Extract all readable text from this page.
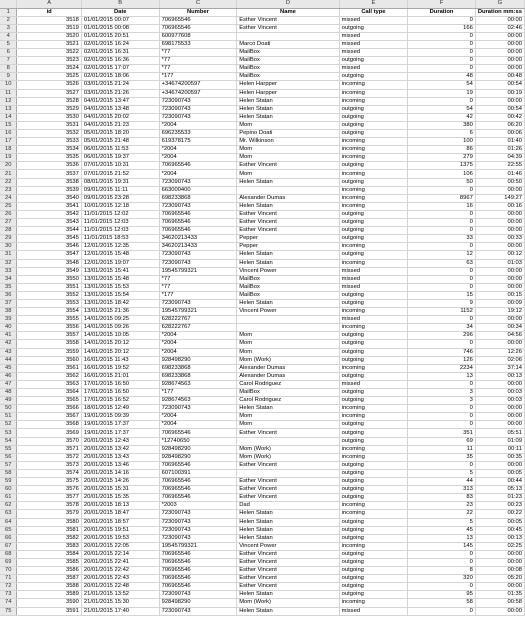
	A	B	C	D	E	F	G
1	id	Date	Number	Name	Call type	Duration	Duration mm:ss
2	3518	01/01/2015 00:07	706965546	Esther Vincent	missed	0	00:00
3	3519	01/01/2015 00:08	706965546	Esther Vincent	outgoing	166	02:46
4	3520	01/01/2015 20:51	600977608		missed	0	00:00
5	3521	02/01/2015 16:24	698175533	Marco Doati	missed	0	00:00
6	3522	02/01/2015 16:31	*77	MailBox	missed	0	00:00
7	3523	02/01/2015 16:36	*77	MailBox	outgoing	0	00:00
8	3524	02/01/2015 17:07	*77	MailBox	missed	0	00:00
9	3525	02/01/2015 18:06	*177	MailBox	outgoing	48	00:48
10	3526	03/01/2015 21:24	+34674200597	Helen Harpper	incoming	54	00:54
11	3527	03/01/2015 21:26	+34674200597	Helen Harpper	incoming	19	00:19
12	3528	04/01/2015 13:47	723090743	Helen Statan	incoming	0	00:00
13	3529	04/01/2015 13:48	723090743	Helen Statan	outgoing	54	00:54
14	3530	04/01/2015 20:02	723090743	Helen Statan	outgoing	42	00:42
15	3531	04/01/2015 21:23	*2004	Mom	outgoing	380	06:20
16	3532	05/01/2015 18:20	696235533	Pepino Doati	outgoing	6	00:06
17	3533	05/01/2015 21:48	619378175	Mr. Wilkinson	incoming	100	01:40
18	3534	06/01/2015 11:53	*2004	Mom	incoming	86	01:26
19	3535	06/01/2015 19:37	*2004	Mom	incoming	279	04:39
20	3536	07/01/2015 10:31	706965546	Esther Vincent	outgoing	1375	22:55
21	3537	07/01/2015 21:52	*2004	Mom	incoming	106	01:46
22	3538	08/01/2015 19:31	723090743	Helen Statan	outgoing	50	00:50
23	3539	09/01/2015 11:11	663000400		incoming	0	00:00
24	3540	09/01/2015 23:28	698233868	Alexander Dumas	incoming	8967	149:27
25	3541	10/01/2015 12:18	723090743	Helen Statan	incoming	16	00:16
26	3542	11/01/2015 12:02	706965546	Esther Vincent	outgoing	0	00:00
27	3543	11/01/2015 12:03	706965546	Esther Vincent	outgoing	0	00:00
28	3544	11/01/2015 12:03	706965546	Esther Vincent	outgoing	0	00:00
29	3545	11/01/2015 18:53	34620213433	Pepper	outgoing	33	00:33
30	3546	12/01/2015 12:35	34620213433	Pepper	incoming	0	00:00
31	3547	12/01/2015 15:48	723090743	Helen Statan	outgoing	12	00:12
32	3548	12/01/2015 19:07	723090743	Helen Statan	incoming	63	01:03
33	3549	13/01/2015 15:41	19545799321	Vincent Power	missed	0	00:00
34	3550	13/01/2015 15:48	*77	MailBox	missed	0	00:00
35	3551	13/01/2015 15:53	*77	MailBox	missed	0	00:00
36	3552	13/01/2015 15:54	*177	MailBox	outgoing	15	00:15
37	3553	13/01/2015 18:42	723090743	Helen Statan	outgoing	9	00:09
38	3554	13/01/2015 21:36	19545799321	Vincent Power	incoming	1152	19:12
39	3555	14/01/2015 09:25	628222767		missed	0	00:00
40	3556	14/01/2015 09:26	628222767		incoming	34	00:34
41	3557	14/01/2015 10:05	*2004	Mom	outgoing	296	04:56
42	3558	14/01/2015 20:12	*2004	Mom	outgoing	0	00:00
43	3559	14/01/2015 20:12	*2004	Mom	outgoing	746	12:26
44	3560	16/01/2015 11:43	928498290	Mom (Work)	outgoing	126	02:06
45	3561	16/01/2015 19:52	698233868	Alexander Dumas	incoming	2234	37:14
46	3562	16/01/2015 21:01	698233868	Alexander Dumas	outgoing	13	00:13
47	3563	17/01/2015 16:50	928674563	Carol Rodriguez	missed	0	00:00
48	3564	17/01/2015 16:50	*177	MailBox	outgoing	3	00:03
49	3565	17/01/2015 16:52	928674563	Carol Rodriguez	outgoing	3	00:03
50	3566	18/01/2015 12:49	723090743	Helen Statan	incoming	0	00:00
51	3567	19/01/2015 09:39	*2004	Mom	incoming	0	00:00
52	3568	19/01/2015 17:37	*2004	Mom	outgoing	0	00:00
53	3569	19/01/2015 17:37	706965546	Esther Vincent	outgoing	351	05:51
54	3570	20/01/2015 12:43	*12740650		outgoing	69	01:09
55	3571	20/01/2015 13:42	928498290	Mom (Work)	incoming	11	00:11
56	3572	20/01/2015 13:43	928498290	Mom (Work)	incoming	35	00:35
57	3573	20/01/2015 13:46	706965546	Esther Vincent	outgoing	0	00:00
58	3574	20/01/2015 14:16	607100391		outgoing	5	00:05
59	3575	20/01/2015 14:26	706965546	Esther Vincent	outgoing	44	00:44
60	3576	20/01/2015 15:31	706965546	Esther Vincent	outgoing	313	05:13
61	3577	20/01/2015 15:35	706965546	Esther Vincent	outgoing	83	01:23
62	3578	20/01/2015 18:13	*2003	Dad	incoming	23	00:23
63	3579	20/01/2015 18:47	723090743	Helen Statan	incoming	22	00:22
64	3580	20/01/2015 18:57	723090743	Helen Statan	outgoing	5	00:05
65	3581	20/01/2015 19:51	723090743	Helen Statan	outgoing	45	00:45
66	3582	20/01/2015 19:53	723090743	Helen Statan	outgoing	13	00:13
67	3583	20/01/2015 22:05	19545799321	Vincent Power	incoming	145	02:25
68	3584	20/01/2015 22:14	706965546	Esther Vincent	outgoing	0	00:00
69	3585	20/01/2015 22:41	706965546	Esther Vincent	outgoing	0	00:00
70	3586	20/01/2015 22:42	706965546	Esther Vincent	outgoing	8	00:08
71	3587	20/01/2015 22:43	706965546	Esther Vincent	outgoing	320	05:20
72	3588	20/01/2015 22:48	706965546	Esther Vincent	outgoing	0	00:00
73	3589	21/01/2015 13:52	723090743	Helen Statan	outgoing	95	01:35
74	3590	21/01/2015 15:30	928498290	Mom (Work)	incoming	58	00:58
75	3591	21/01/2015 17:40	723090743	Helen Statan	missed	0	00:00
